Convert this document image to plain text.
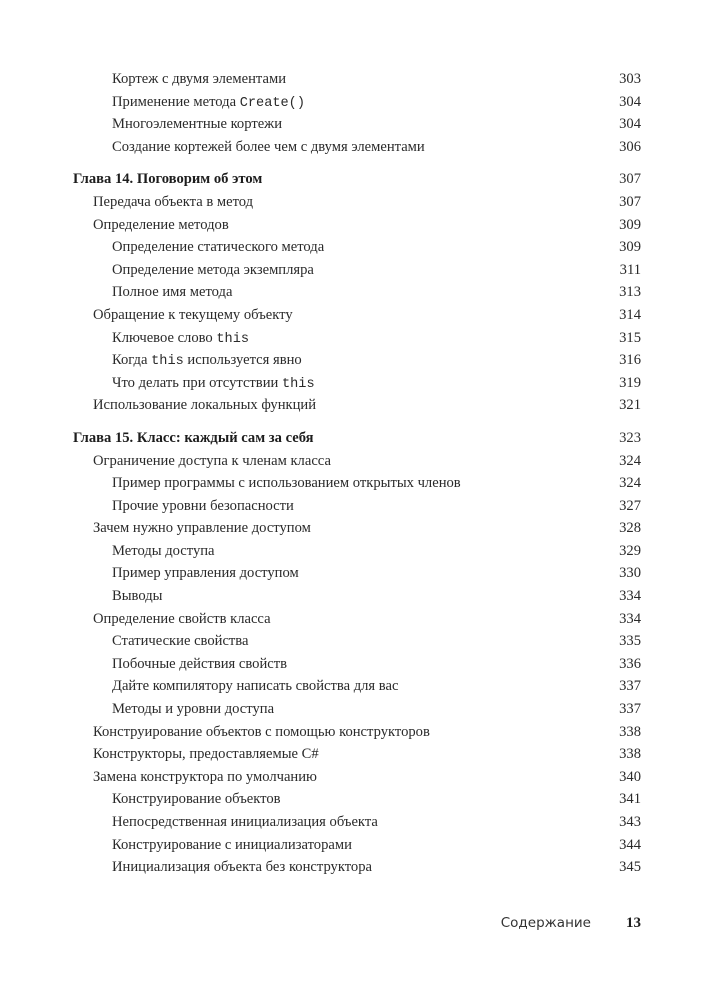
Кортеж с двумя элементами	303
Применение метода Create()	304
Многоэлементные кортежи	304
Создание кортежей более чем с двумя элементами	306
Глава 14. Поговорим об этом	307
Передача объекта в метод	307
Определение методов	309
Определение статического метода	309
Определение метода экземпляра	311
Полное имя метода	313
Обращение к текущему объекту	314
Ключевое слово this	315
Когда this используется явно	316
Что делать при отсутствии this	319
Использование локальных функций	321
Глава 15. Класс: каждый сам за себя	323
Ограничение доступа к членам класса	324
Пример программы с использованием открытых членов	324
Прочие уровни безопасности	327
Зачем нужно управление доступом	328
Методы доступа	329
Пример управления доступом	330
Выводы	334
Определение свойств класса	334
Статические свойства	335
Побочные действия свойств	336
Дайте компилятору написать свойства для вас	337
Методы и уровни доступа	337
Конструирование объектов с помощью конструкторов	338
Конструкторы, предоставляемые C#	338
Замена конструктора по умолчанию	340
Конструирование объектов	341
Непосредственная инициализация объекта	343
Конструирование с инициализаторами	344
Инициализация объекта без конструктора	345
Содержание 13
